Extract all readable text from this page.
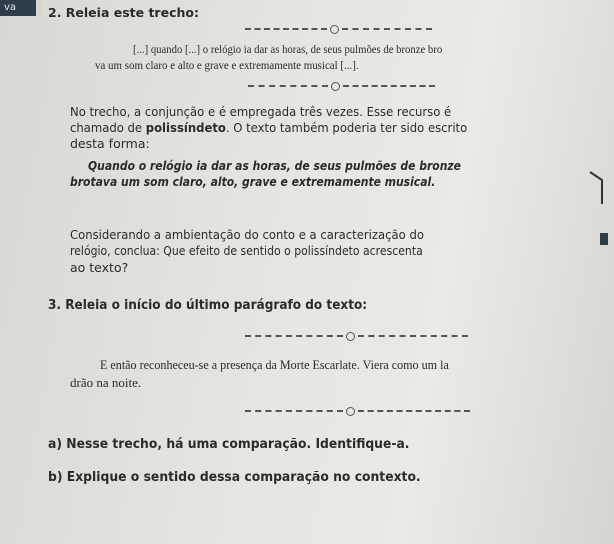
va	2. Releia este trecho:
[...] quando [...] o relógio ia dar as horas, de seus pulmões de bronze bro
va um som claro e alto e grave e extremamente musical [...].
No trecho, a conjunção e é empregada três vezes. Esse recurso é
chamado de polissíndeto. O texto também poderia ter sido escrito
desta forma:
Quando o relógio ia dar as horas, de seus pulmões de bronze
brotava um som claro, alto, grave e extremamente musical.
Considerando a ambientação do conto e a caracterização do
relógio, conclua: Que efeito de sentido o polissíndeto acrescenta
ao texto?
3. Releia o início do último parágrafo do texto:
E então reconheceu-se a presença da Morte Escarlate. Viera como um la
drão na noite.
a) Nesse trecho, há uma comparação. Identifique-a.
b) Explique o sentido dessa comparação no contexto.
